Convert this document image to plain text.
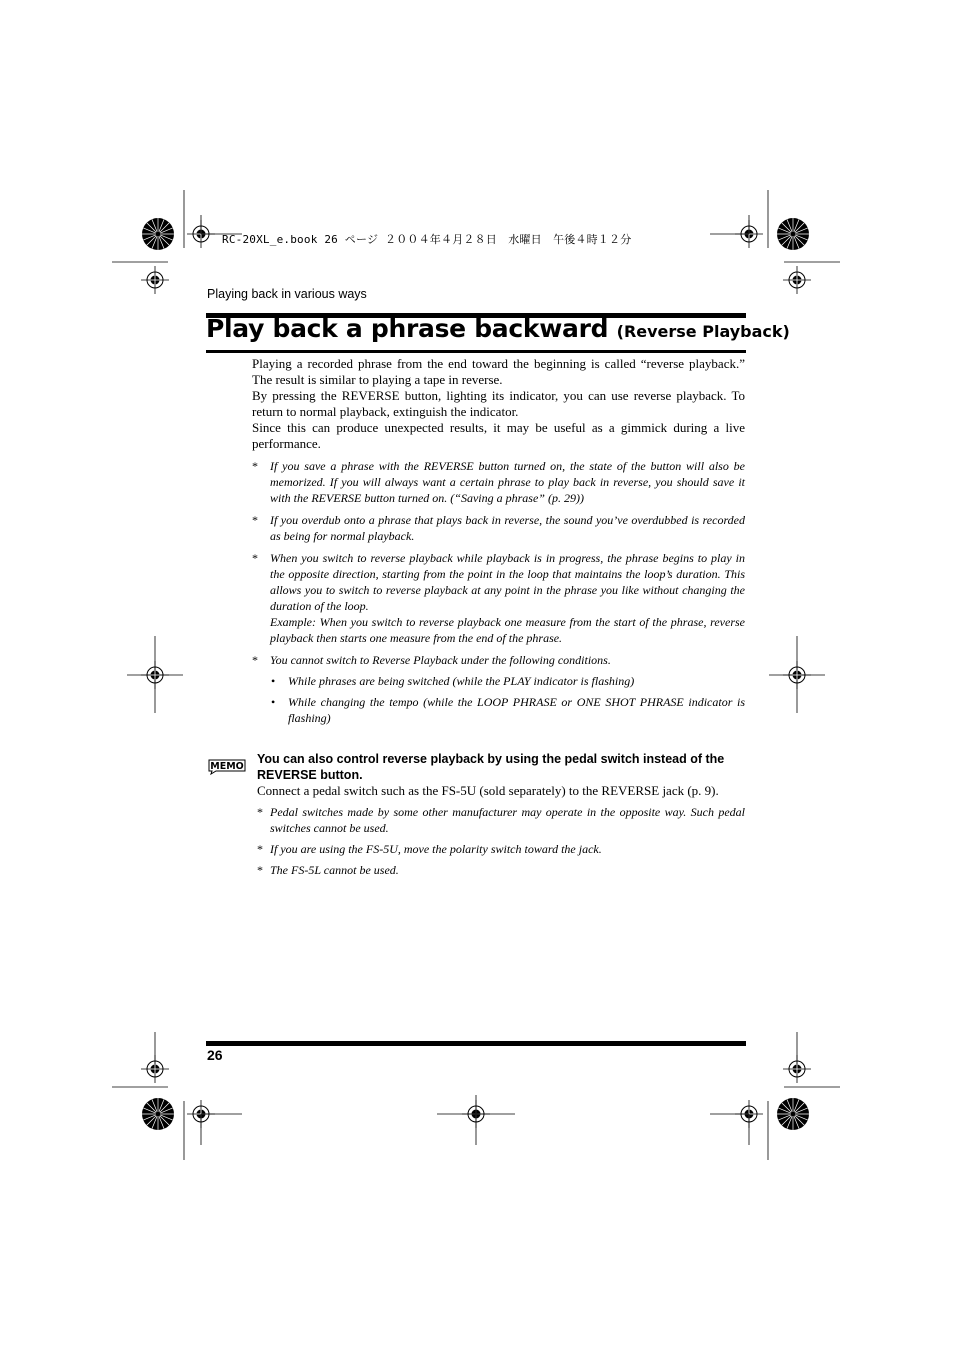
RC-20XL_e.book 26 ページ ２００４年４月２８日　水曜日　午後４時１２分
Playing back in various ways
Play back a phrase backward (Reverse Playback)

Playing a recorded phrase from the end toward the beginning is called “reverse playback.” The result is similar to playing a tape in reverse.

By pressing the REVERSE button, lighting its indicator, you can use reverse playback. To return to normal playback, extinguish the indicator.

Since this can produce unexpected results, it may be useful as a gimmick during a live performance.

* If you save a phrase with the REVERSE button turned on, the state of the button will also be memorized. If you will always want a certain phrase to play back in reverse, you should save it with the REVERSE button turned on. (“Saving a phrase” (p. 29))
* If you overdub onto a phrase that plays back in reverse, the sound you’ve overdubbed is recorded as being for normal playback.
* When you switch to reverse playback while playback is in progress, the phrase begins to play in the opposite direction, starting from the point in the loop that maintains the loop’s duration. This allows you to switch to reverse playback at any point in the phrase you like without changing the duration of the loop.
Example: When you switch to reverse playback one measure from the start of the phrase, reverse playback then starts one measure from the end of the phrase.
* You cannot switch to Reverse Playback under the following conditions.
• While phrases are being switched (while the PLAY indicator is flashing)
• While changing the tempo (while the LOOP PHRASE or ONE SHOT PHRASE indicator is flashing)
MEMO
You can also control reverse playback by using the pedal switch instead of the REVERSE button.
Connect a pedal switch such as the FS-5U (sold separately) to the REVERSE jack (p. 9).
* Pedal switches made by some other manufacturer may operate in the opposite way. Such pedal switches cannot be used.
* If you are using the FS-5U, move the polarity switch toward the jack.
* The FS-5L cannot be used.
26
